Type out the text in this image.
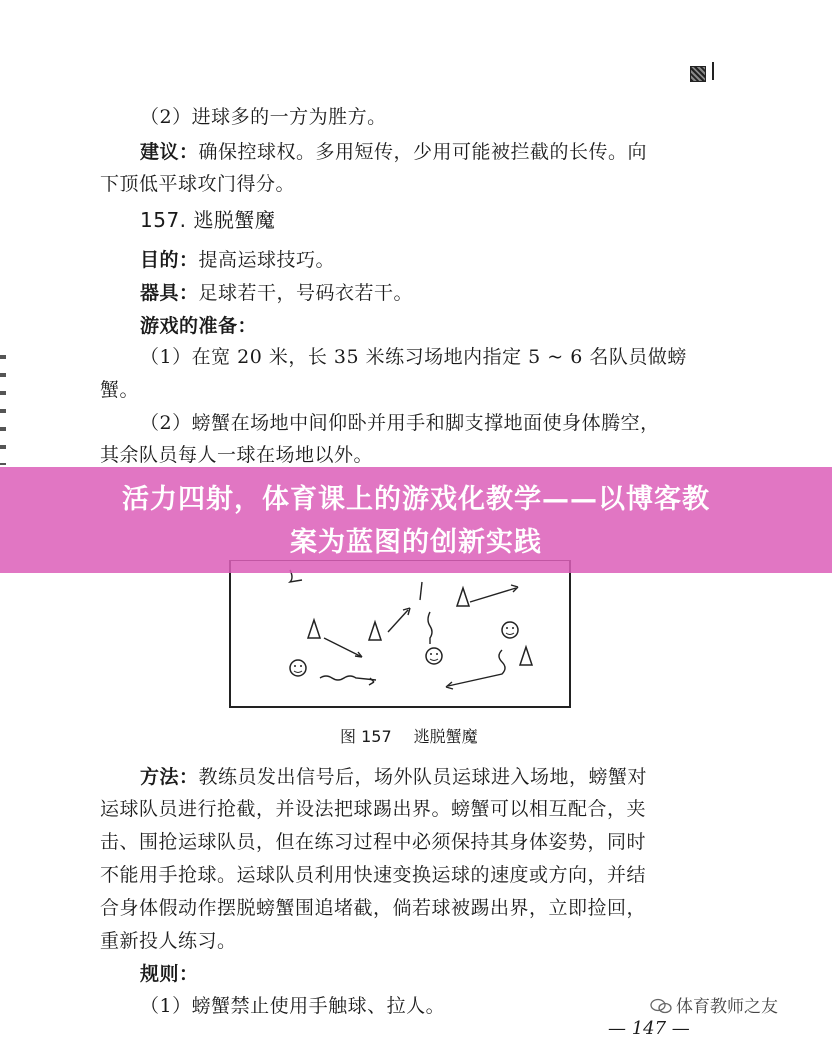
（2）进球多的一方为胜方。
建议：确保控球权。多用短传，少用可能被拦截的长传。向
下顶低平球攻门得分。
157. 逃脱蟹魔
目的：提高运球技巧。
器具：足球若干，号码衣若干。
游戏的准备：
（1）在宽 20 米，长 35 米练习场地内指定 5 ~ 6 名队员做螃
蟹。
（2）螃蟹在场地中间仰卧并用手和脚支撑地面使身体腾空，
其余队员每人一球在场地以外。
图 157 逃脱蟹魔
方法：教练员发出信号后，场外队员运球进入场地，螃蟹对
运球队员进行抢截，并设法把球踢出界。螃蟹可以相互配合，夹
击、围抢运球队员，但在练习过程中必须保持其身体姿势，同时
不能用手抢球。运球队员利用快速变换运球的速度或方向，并结
合身体假动作摆脱螃蟹围追堵截，倘若球被踢出界，立即捡回，
重新投人练习。
规则：
（1）螃蟹禁止使用手触球、拉人。
— 147 —
体育教师之友
活力四射，体育课上的游戏化教学——以博客教
案为蓝图的创新实践
